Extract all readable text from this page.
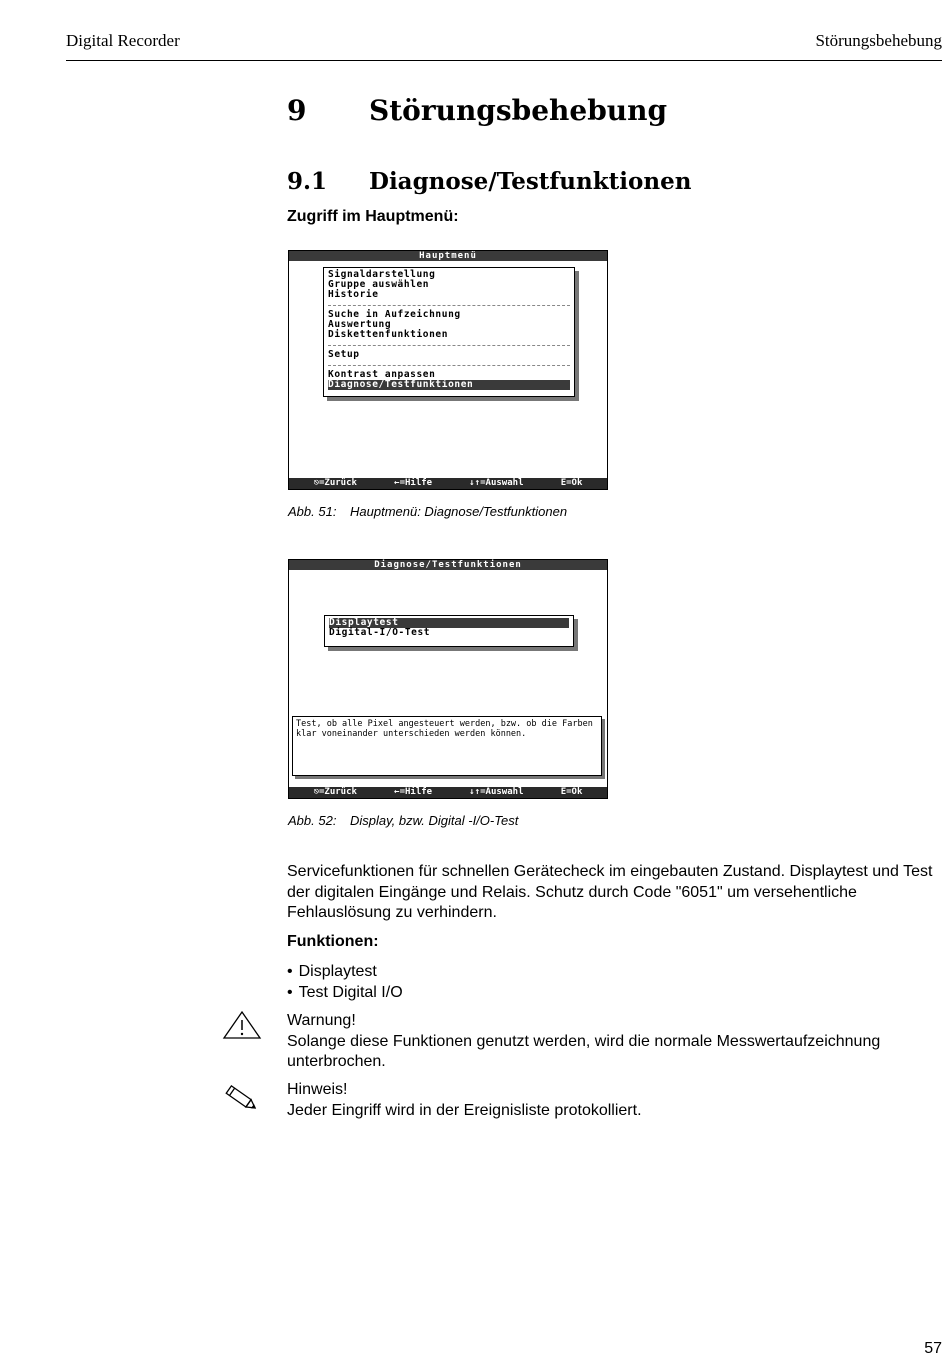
Digital Recorder	Störungsbehebung
9 Störungsbehebung
9.1 Diagnose/Testfunktionen
Zugriff im Hauptmenü:
Hauptmenü
Signaldarstellung
Gruppe auswählen
Historie
Suche in Aufzeichnung
Auswertung
Diskettenfunktionen
Setup
Kontrast anpassen
Diagnose/Testfunktionen
⎋=Zurück	←=Hilfe	↓↑=Auswahl	E=Ok
Abb. 51: Hauptmenü: Diagnose/Testfunktionen
Diagnose/Testfunktionen
Displaytest
Digital-I/O-Test
Test, ob alle Pixel angesteuert werden, bzw. ob die Farben klar voneinander unterschieden werden können.
⎋=Zurück	←=Hilfe	↓↑=Auswahl	E=Ok
Abb. 52: Display, bzw. Digital -I/O-Test
Servicefunktionen für schnellen Gerätecheck im eingebauten Zustand. Displaytest und Test der digitalen Eingänge und Relais. Schutz durch Code "6051" um versehentliche Fehlauslösung zu verhindern.
Funktionen:
• Displaytest
• Test Digital I/O
Warnung!
Solange diese Funktionen genutzt werden, wird die normale Messwertaufzeichnung unterbrochen.
Hinweis!
Jeder Eingriff wird in der Ereignisliste protokolliert.
57
